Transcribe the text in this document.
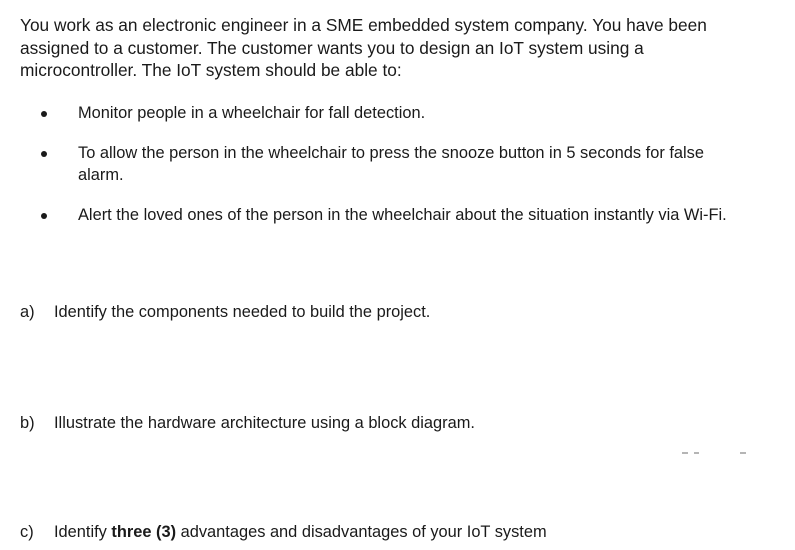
You work as an electronic engineer in a SME embedded system company. You have been assigned to a customer. The customer wants you to design an IoT system using a microcontroller. The IoT system should be able to:

Monitor people in a wheelchair for fall detection.
To allow the person in the wheelchair to press the snooze button in 5 seconds for false alarm.
Alert the loved ones of the person in the wheelchair about the situation instantly via Wi-Fi.
a) Identify the components needed to build the project.
b) Illustrate the hardware architecture using a block diagram.
c) Identify three (3) advantages and disadvantages of your IoT system
